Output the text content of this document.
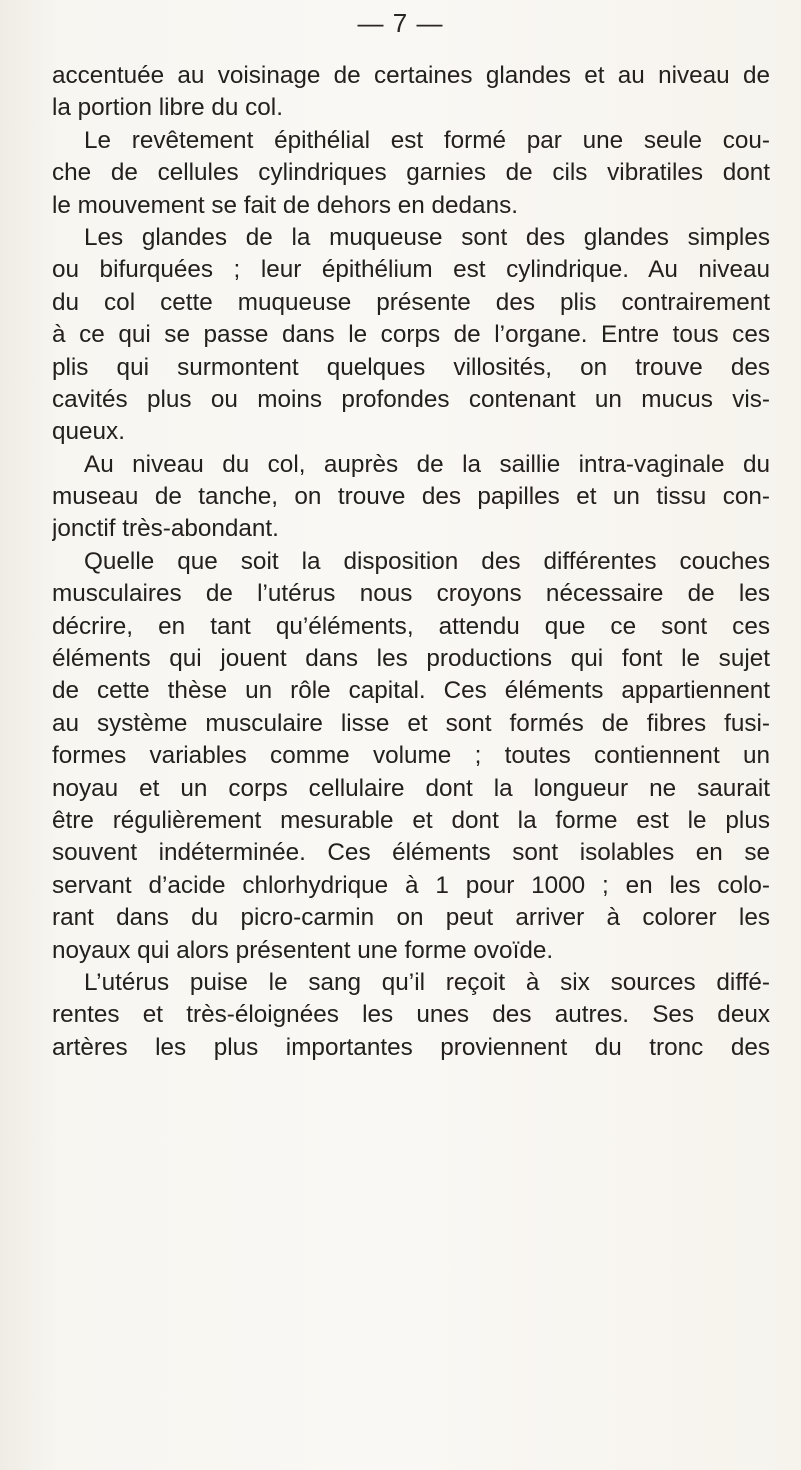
— 7 —
accentuée au voisinage de certaines glandes et au niveau de
la portion libre du col.
Le revêtement épithélial est formé par une seule cou-
che de cellules cylindriques garnies de cils vibratiles dont
le mouvement se fait de dehors en dedans.
Les glandes de la muqueuse sont des glandes simples
ou bifurquées ; leur épithélium est cylindrique. Au niveau
du col cette muqueuse présente des plis contrairement
à ce qui se passe dans le corps de l’organe. Entre tous ces
plis qui surmontent quelques villosités, on trouve des
cavités plus ou moins profondes contenant un mucus vis-
queux.
Au niveau du col, auprès de la saillie intra-vaginale du
museau de tanche, on trouve des papilles et un tissu con-
jonctif très-abondant.
Quelle que soit la disposition des différentes couches
musculaires de l’utérus nous croyons nécessaire de les
décrire, en tant qu’éléments, attendu que ce sont ces
éléments qui jouent dans les productions qui font le sujet
de cette thèse un rôle capital. Ces éléments appartiennent
au système musculaire lisse et sont formés de fibres fusi-
formes variables comme volume ; toutes contiennent un
noyau et un corps cellulaire dont la longueur ne saurait
être régulièrement mesurable et dont la forme est le plus
souvent indéterminée. Ces éléments sont isolables en se
servant d’acide chlorhydrique à 1 pour 1000 ; en les colo-
rant dans du picro-carmin on peut arriver à colorer les
noyaux qui alors présentent une forme ovoïde.
L’utérus puise le sang qu’il reçoit à six sources diffé-
rentes et très-éloignées les unes des autres. Ses deux
artères les plus importantes proviennent du tronc des
